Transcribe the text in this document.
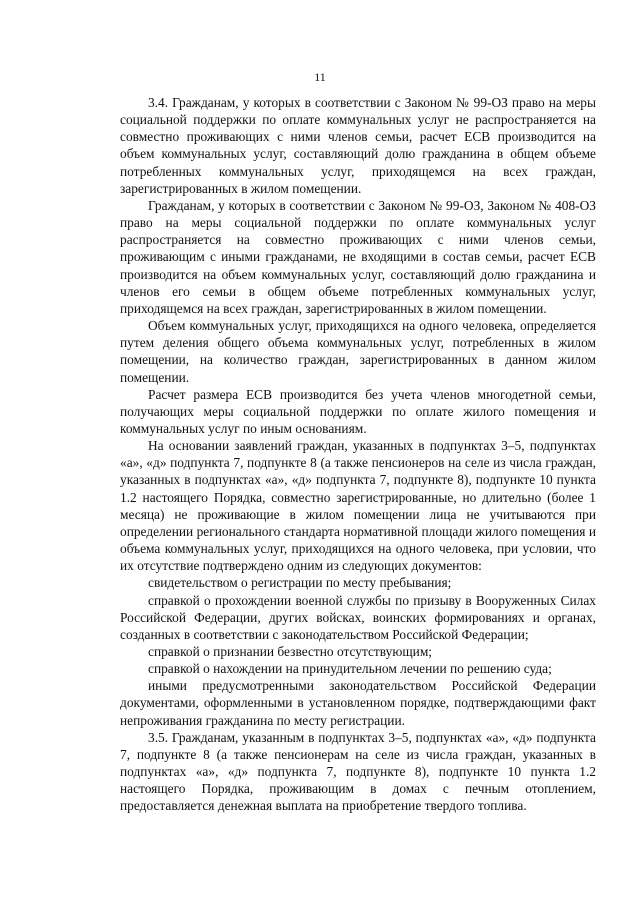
11

3.4. Гражданам, у которых в соответствии с Законом № 99-ОЗ право на меры социальной поддержки по оплате коммунальных услуг не распространяется на совместно проживающих с ними членов семьи, расчет ЕСВ производится на объем коммунальных услуг, составляющий долю гражданина в общем объеме потребленных коммунальных услуг, приходящемся на всех граждан, зарегистрированных в жилом помещении.

Гражданам, у которых в соответствии с Законом № 99-ОЗ, Законом № 408-ОЗ право на меры социальной поддержки по оплате коммунальных услуг распространяется на совместно проживающих с ними членов семьи, проживающим с иными гражданами, не входящими в состав семьи, расчет ЕСВ производится на объем коммунальных услуг, составляющий долю гражданина и членов его семьи в общем объеме потребленных коммунальных услуг, приходящемся на всех граждан, зарегистрированных в жилом помещении.

Объем коммунальных услуг, приходящихся на одного человека, определяется путем деления общего объема коммунальных услуг, потребленных в жилом помещении, на количество граждан, зарегистрированных в данном жилом помещении.

Расчет размера ЕСВ производится без учета членов многодетной семьи, получающих меры социальной поддержки по оплате жилого помещения и коммунальных услуг по иным основаниям.

На основании заявлений граждан, указанных в подпунктах 3–5, подпунктах «а», «д» подпункта 7, подпункте 8 (а также пенсионеров на селе из числа граждан, указанных в подпунктах «а», «д» подпункта 7, подпункте 8), подпункте 10 пункта 1.2 настоящего Порядка, совместно зарегистрированные, но длительно (более 1 месяца) не проживающие в жилом помещении лица не учитываются при определении регионального стандарта нормативной площади жилого помещения и объема коммунальных услуг, приходящихся на одного человека, при условии, что их отсутствие подтверждено одним из следующих документов:

свидетельством о регистрации по месту пребывания;

справкой о прохождении военной службы по призыву в Вооруженных Силах Российской Федерации, других войсках, воинских формированиях и органах, созданных в соответствии с законодательством Российской Федерации;

справкой о признании безвестно отсутствующим;

справкой о нахождении на принудительном лечении по решению суда;

иными предусмотренными законодательством Российской Федерации документами, оформленными в установленном порядке, подтверждающими факт непроживания гражданина по месту регистрации.

3.5. Гражданам, указанным в подпунктах 3–5, подпунктах «а», «д» подпункта 7, подпункте 8 (а также пенсионерам на селе из числа граждан, указанных в подпунктах «а», «д» подпункта 7, подпункте 8), подпункте 10 пункта 1.2 настоящего Порядка, проживающим в домах с печным отоплением, предоставляется денежная выплата на приобретение твердого топлива.
